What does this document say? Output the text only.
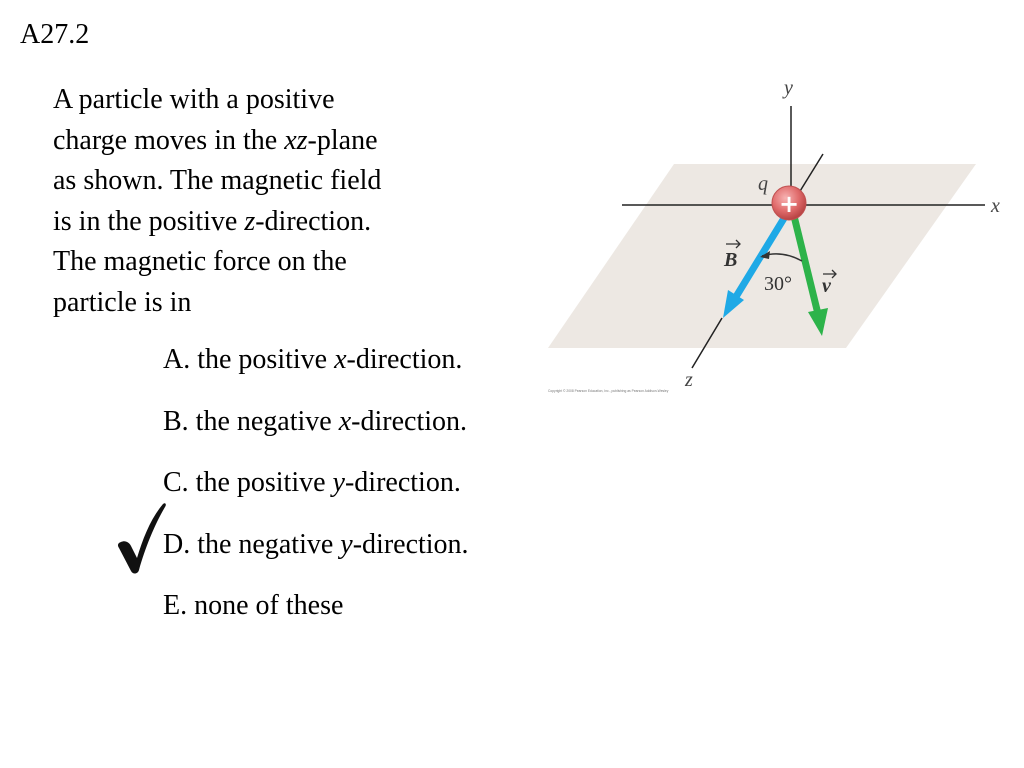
A27.2
A particle with a positive
charge moves in the xz-plane
as shown. The magnetic field
is in the positive z-direction.
The magnetic force on the
particle is in
A. the positive x-direction.
B. the negative x-direction.
C. the positive y-direction.
D. the negative y-direction.
E. none of these
y
x
z
+
q
B
30° v
Copyright © 2008 Pearson Education, Inc., publishing as Pearson Addison-Wesley
